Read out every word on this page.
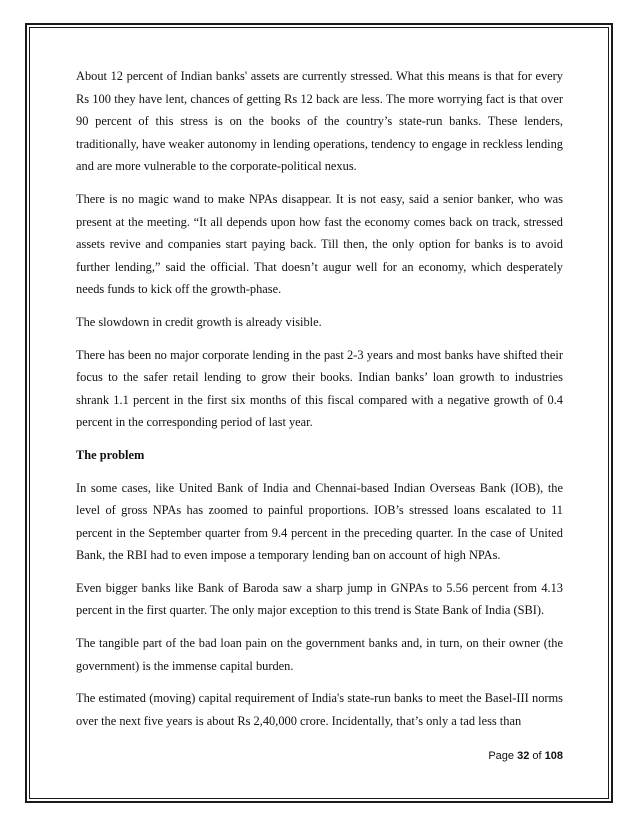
About 12 percent of Indian banks' assets are currently stressed. What this means is that for every Rs 100 they have lent, chances of getting Rs 12 back are less. The more worrying fact is that over 90 percent of this stress is on the books of the country’s state-run banks. These lenders, traditionally, have weaker autonomy in lending operations, tendency to engage in reckless lending and are more vulnerable to the corporate-political nexus.

There is no magic wand to make NPAs disappear. It is not easy, said a senior banker, who was present at the meeting. “It all depends upon how fast the economy comes back on track, stressed assets revive and companies start paying back. Till then, the only option for banks is to avoid further lending,” said the official. That doesn’t augur well for an economy, which desperately needs funds to kick off the growth-phase.

The slowdown in credit growth is already visible.

There has been no major corporate lending in the past 2-3 years and most banks have shifted their focus to the safer retail lending to grow their books. Indian banks’ loan growth to industries shrank 1.1 percent in the first six months of this fiscal compared with a negative growth of 0.4 percent in the corresponding period of last year.

The problem

In some cases, like United Bank of India and Chennai-based Indian Overseas Bank (IOB), the level of gross NPAs has zoomed to painful proportions. IOB’s stressed loans escalated to 11 percent in the September quarter from 9.4 percent in the preceding quarter. In the case of United Bank, the RBI had to even impose a temporary lending ban on account of high NPAs.

Even bigger banks like Bank of Baroda saw a sharp jump in GNPAs to 5.56 percent from 4.13 percent in the first quarter. The only major exception to this trend is State Bank of India (SBI).

The tangible part of the bad loan pain on the government banks and, in turn, on their owner (the government) is the immense capital burden.

The estimated (moving) capital requirement of India's state-run banks to meet the Basel-III norms over the next five years is about Rs 2,40,000 crore. Incidentally, that’s only a tad less than

Page 32 of 108
